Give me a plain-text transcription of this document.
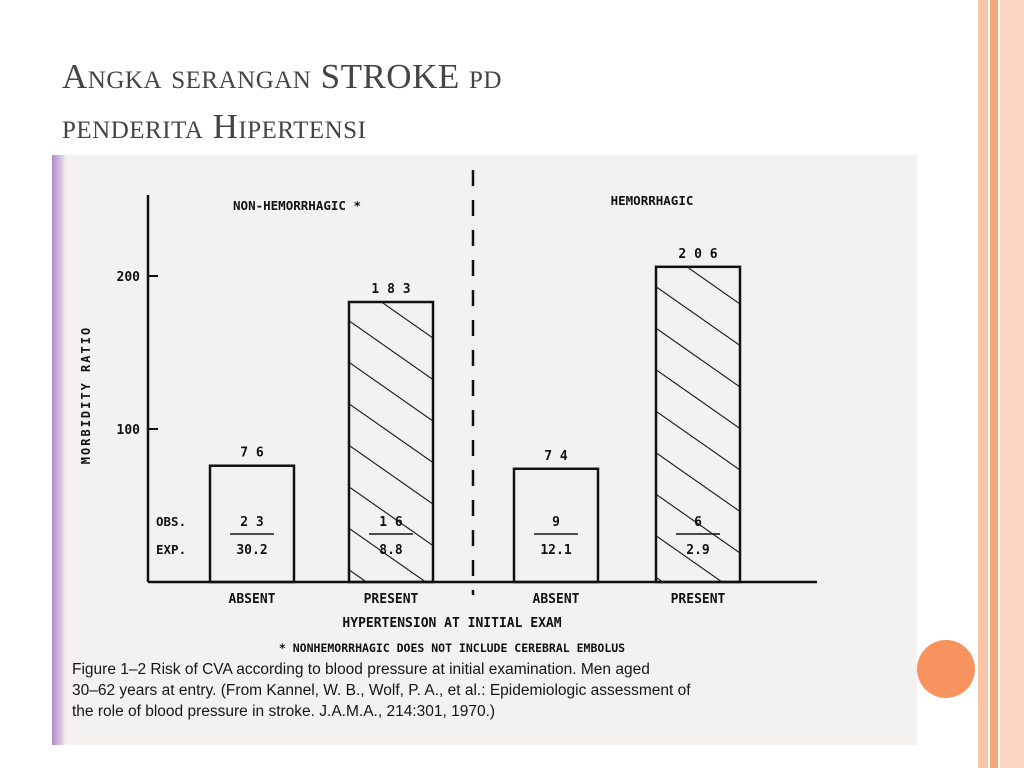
Angka serangan STROKE pd
penderita Hipertensi
100
200
MORBIDITY RATIO	7 6
2 3
30.2
ABSENT
1 8 3
1 6
8.8
PRESENT
7 4
9
12.1
ABSENT
2 0 6
6
2.9
PRESENT
NON-HEMORRHAGIC *	HEMORRHAGIC
OBS.
EXP.
HYPERTENSION AT INITIAL EXAM
* NONHEMORRHAGIC DOES NOT INCLUDE CEREBRAL EMBOLUS
Figure 1–2 Risk of CVA according to blood pressure at initial examination. Men aged
30–62 years at entry. (From Kannel, W. B., Wolf, P. A., et al.: Epidemiologic assessment of
the role of blood pressure in stroke. J.A.M.A., 214:301, 1970.)
